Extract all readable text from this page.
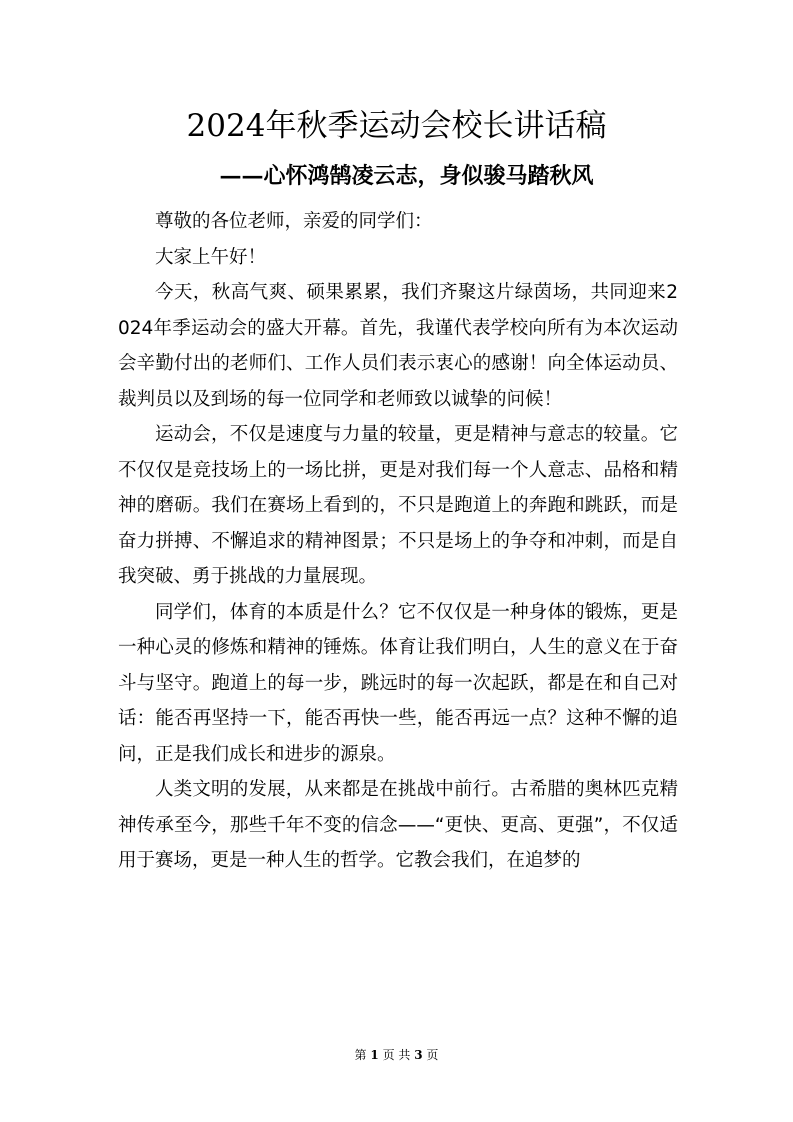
2024年秋季运动会校长讲话稿
——心怀鸿鹄凌云志，身似骏马踏秋风

尊敬的各位老师，亲爱的同学们：

大家上午好！

今天，秋高气爽、硕果累累，我们齐聚这片绿茵场，共同迎来2024年季运动会的盛大开幕。首先，我谨代表学校向所有为本次运动会辛勤付出的老师们、工作人员们表示衷心的感谢！向全体运动员、裁判员以及到场的每一位同学和老师致以诚挚的问候！

运动会，不仅是速度与力量的较量，更是精神与意志的较量。它不仅仅是竞技场上的一场比拼，更是对我们每一个人意志、品格和精神的磨砺。我们在赛场上看到的，不只是跑道上的奔跑和跳跃，而是奋力拼搏、不懈追求的精神图景；不只是场上的争夺和冲刺，而是自我突破、勇于挑战的力量展现。

同学们，体育的本质是什么？它不仅仅是一种身体的锻炼，更是一种心灵的修炼和精神的锤炼。体育让我们明白，人生的意义在于奋斗与坚守。跑道上的每一步，跳远时的每一次起跃，都是在和自己对话：能否再坚持一下，能否再快一些，能否再远一点？这种不懈的追问，正是我们成长和进步的源泉。

人类文明的发展，从来都是在挑战中前行。古希腊的奥林匹克精神传承至今，那些千年不变的信念——“更快、更高、更强”，不仅适用于赛场，更是一种人生的哲学。它教会我们，在追梦的

第 1 页 共 3 页
